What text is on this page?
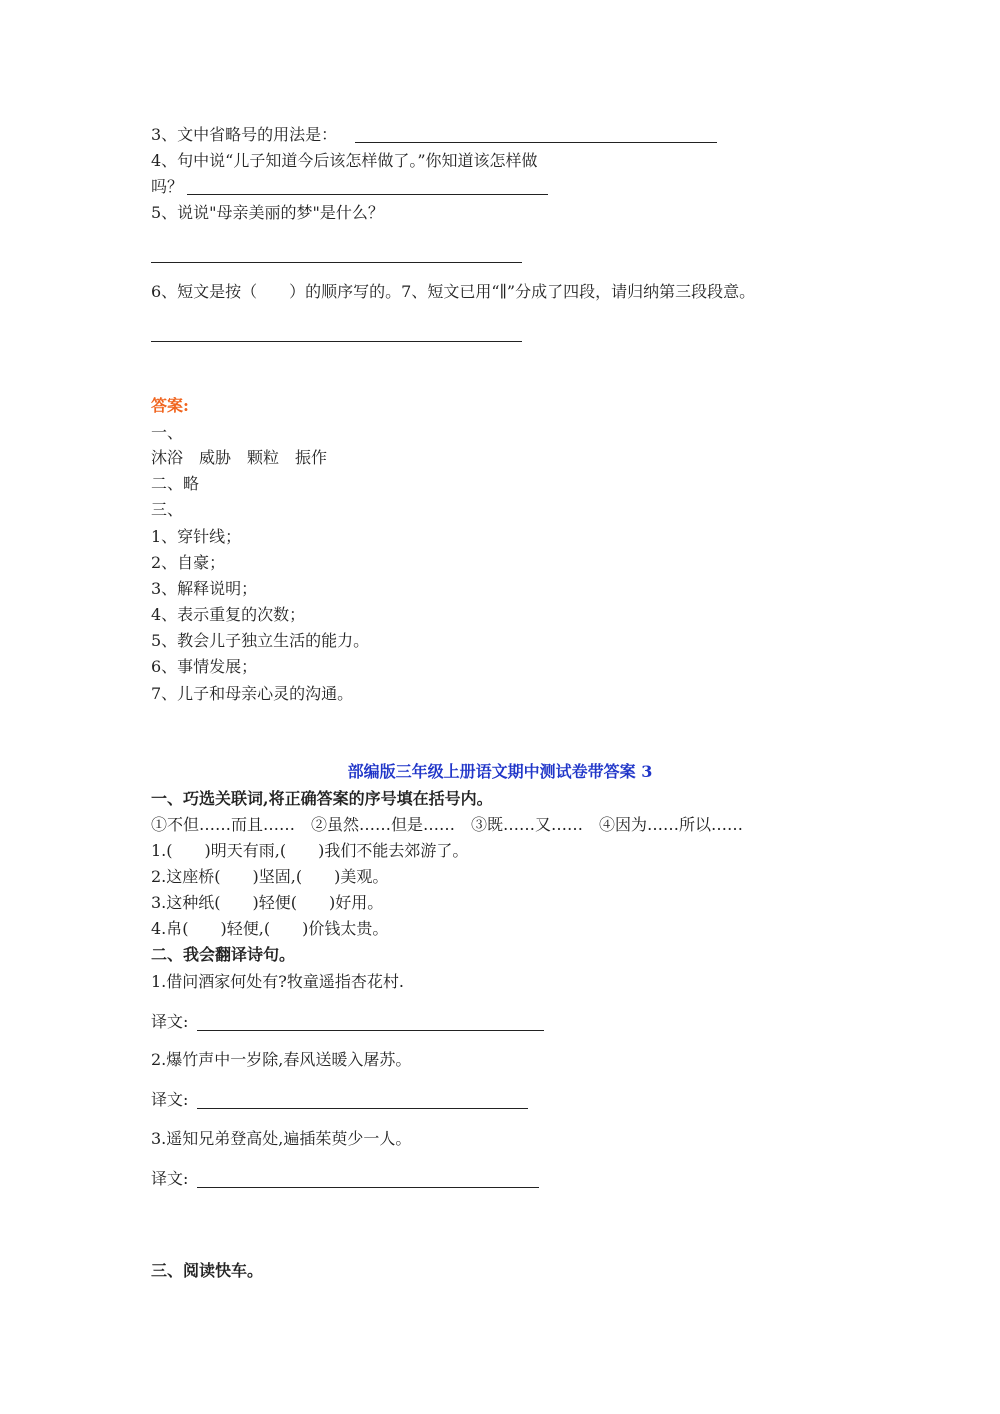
3、文中省略号的用法是：
4、句中说“儿子知道今后该怎样做了。”你知道该怎样做
吗？
5、说说"母亲美丽的梦"是什么？
6、短文是按（　　）的顺序写的。7、短文已用“∥”分成了四段，请归纳第三段段意。
答案:
一、
沐浴　威胁　颗粒　振作
二、略
三、
1、穿针线；
2、自豪；
3、解释说明；
4、表示重复的次数；
5、教会儿子独立生活的能力。
6、事情发展；
7、儿子和母亲心灵的沟通。
部编版三年级上册语文期中测试卷带答案 3
一、巧选关联词,将正确答案的序号填在括号内。
①不但……而且……　②虽然……但是……　③既……又……　④因为……所以……
1.(　　)明天有雨,(　　)我们不能去郊游了。
2.这座桥(　　)坚固,(　　)美观。
3.这种纸(　　)轻便(　　)好用。
4.帛(　　)轻便,(　　)价钱太贵。
二、我会翻译诗句。
1.借问酒家何处有?牧童遥指杏花村.
译文:
2.爆竹声中一岁除,春风送暖入屠苏。
译文:
3.遥知兄弟登高处,遍插茱萸少一人。
译文:
三、阅读快车。
